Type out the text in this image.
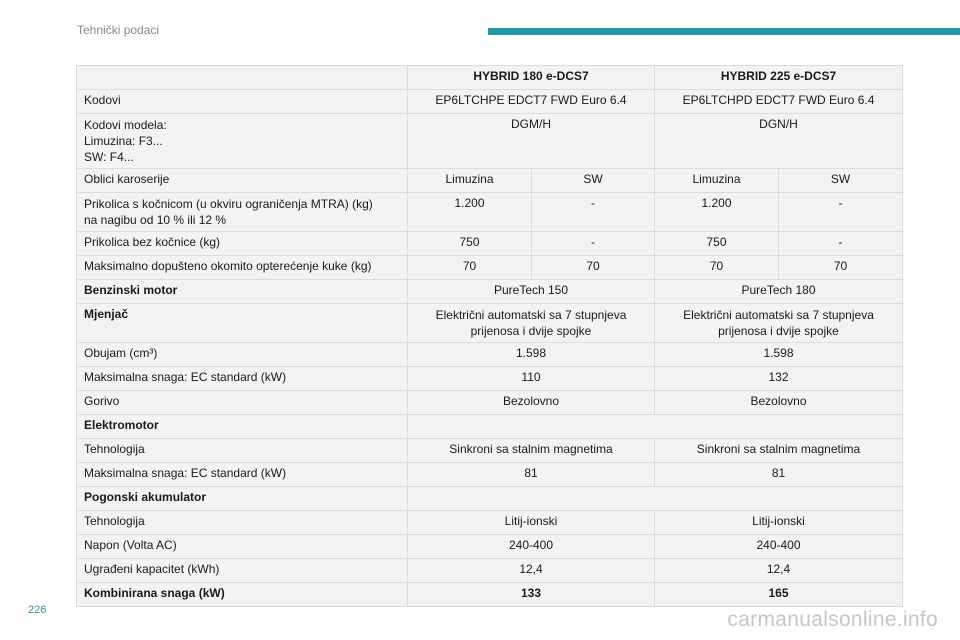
Tehnički podaci
	HYBRID 180 e-DCS7		HYBRID 225 e-DCS7	
Kodovi	EP6LTCHPE EDCT7 FWD Euro 6.4		EP6LTCHPD EDCT7 FWD Euro 6.4	
Kodovi modela:
Limuzina: F3...
SW: F4...	DGM/H		DGN/H	
Oblici karoserije	Limuzina	SW	Limuzina	SW
Prikolica s kočnicom (u okviru ograničenja MTRA) (kg)
na nagibu od 10 % ili 12 %	1.200	-	1.200	-
Prikolica bez kočnice (kg)	750	-	750	-
Maksimalno dopušteno okomito opterećenje kuke (kg)	70	70	70	70
Benzinski motor	PureTech 150		PureTech 180	
Mjenjač	Električni automatski sa 7 stupnjeva
prijenosa i dvije spojke		Električni automatski sa 7 stupnjeva
prijenosa i dvije spojke	
Obujam (cm³)	1.598		1.598	
Maksimalna snaga: EC standard (kW)	110		132	
Gorivo	Bezolovno		Bezolovno	
Elektromotor				
Tehnologija	Sinkroni sa stalnim magnetima		Sinkroni sa stalnim magnetima	
Maksimalna snaga: EC standard (kW)	81		81	
Pogonski akumulator				
Tehnologija	Litij-ionski		Litij-ionski	
Napon (Volta AC)	240-400		240-400	
Ugrađeni kapacitet (kWh)	12,4		12,4	
Kombinirana snaga (kW)	133		165	
226	carmanualsonline.info
